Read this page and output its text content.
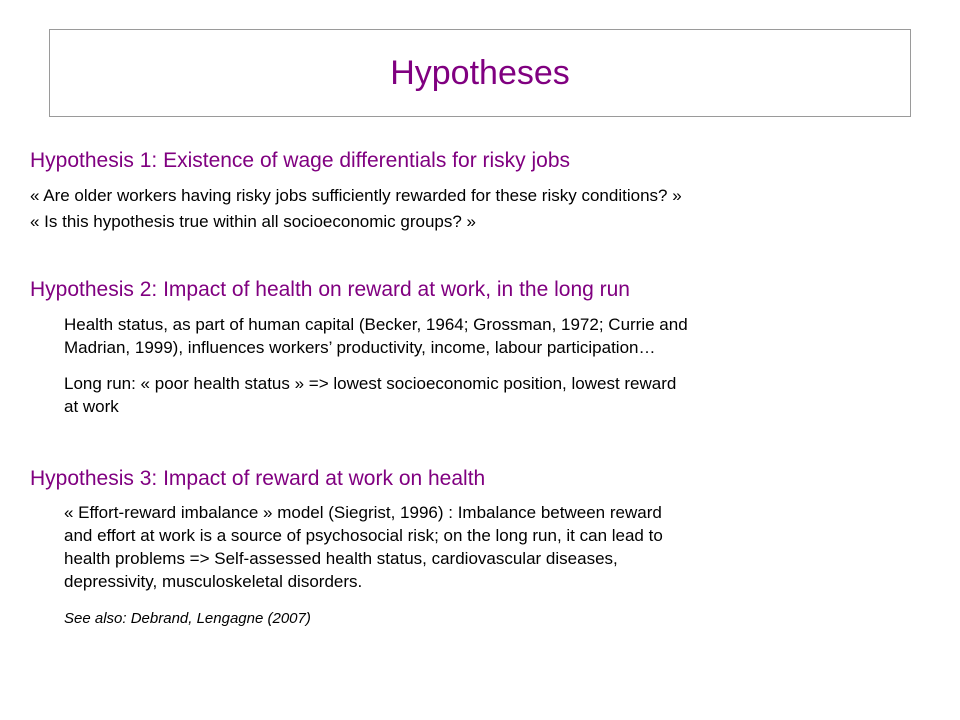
Hypotheses
Hypothesis 1: Existence of wage differentials for risky jobs

« Are older workers having risky jobs sufficiently rewarded for these risky conditions? »

« Is this hypothesis true within all socioeconomic groups? »

Hypothesis 2: Impact of health on reward at work, in the long run

Health status, as part of human capital (Becker, 1964; Grossman, 1972; Currie and

Madrian, 1999), influences workers’ productivity, income, labour participation…

Long run: « poor health status » => lowest socioeconomic position, lowest reward

at work

Hypothesis 3: Impact of reward at work on health

« Effort-reward imbalance » model (Siegrist, 1996) : Imbalance between reward

and effort at work is a source of psychosocial risk; on the long run, it can lead to

health problems => Self-assessed health status, cardiovascular diseases,

depressivity, musculoskeletal disorders.

See also: Debrand, Lengagne (2007)
